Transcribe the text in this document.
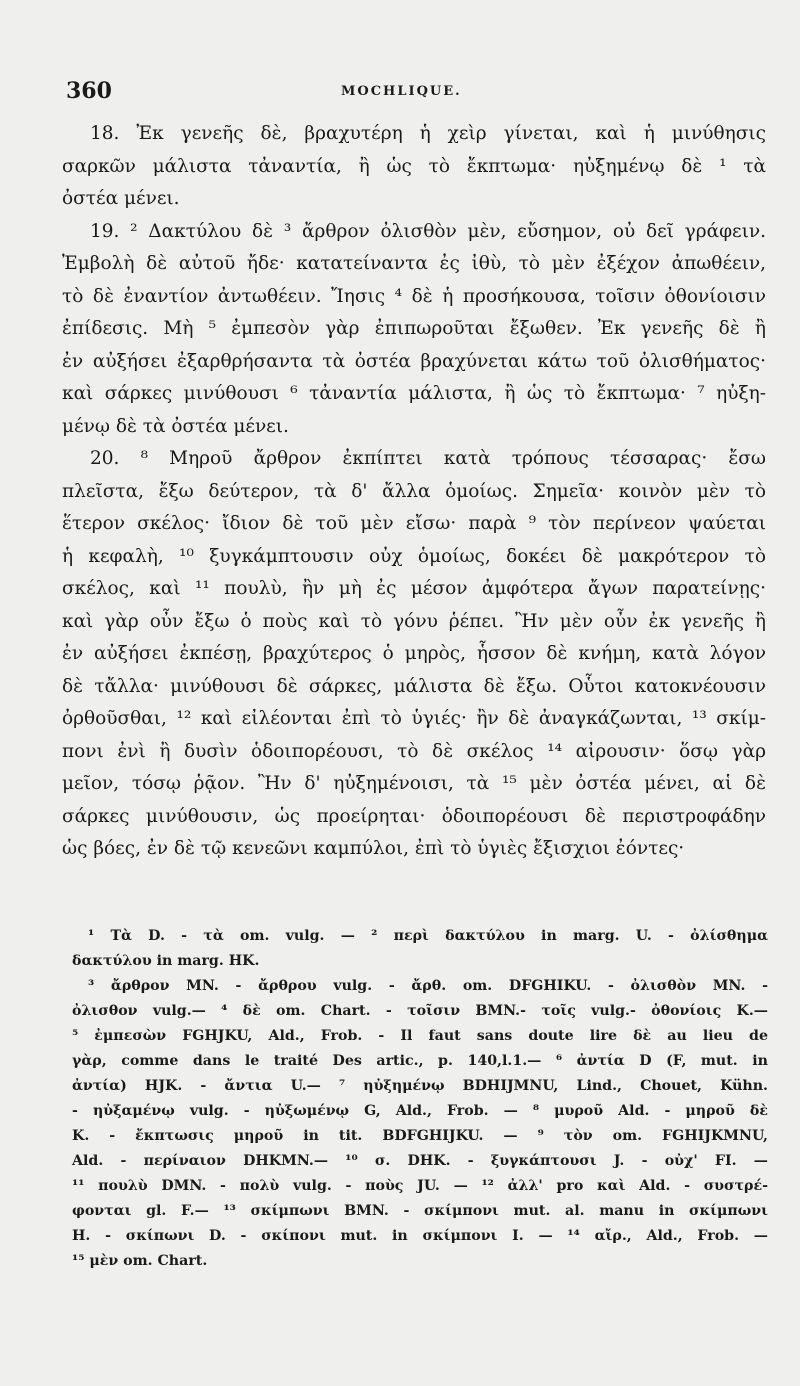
360	MOCHLIQUE.
18. Ἐκ γενεῆς δὲ, βραχυτέρη ἡ χεὶρ γίνεται, καὶ ἡ μινύθησις
σαρκῶν μάλιστα τἀναντία, ἢ ὡς τὸ ἔκπτωμα· ηὐξημένῳ δὲ ¹ τὰ
ὀστέα μένει.
19. ² Δακτύλου δὲ ³ ἄρθρον ὀλισθὸν μὲν, εὔσημον, οὐ δεῖ γράφειν.
Ἐμβολὴ δὲ αὐτοῦ ἤδε· κατατείναντα ἐς ἰθὺ, τὸ μὲν ἐξέχον ἀπωθέειν,
τὸ δὲ ἐναντίον ἀντωθέειν. Ἴησις ⁴ δὲ ἡ προσήκουσα, τοῖσιν ὀθονίοισιν
ἐπίδεσις. Μὴ ⁵ ἐμπεσὸν γὰρ ἐπιπωροῦται ἔξωθεν. Ἐκ γενεῆς δὲ ἢ
ἐν αὐξήσει ἐξαρθρήσαντα τὰ ὀστέα βραχύνεται κάτω τοῦ ὀλισθήματος·
καὶ σάρκες μινύθουσι ⁶ τἀναντία μάλιστα, ἢ ὡς τὸ ἔκπτωμα· ⁷ ηὐξη-
μένῳ δὲ τὰ ὀστέα μένει.
20. ⁸ Μηροῦ ἄρθρον ἐκπίπτει κατὰ τρόπους τέσσαρας· ἔσω
πλεῖστα, ἔξω δεύτερον, τὰ δ' ἄλλα ὁμοίως. Σημεῖα· κοινὸν μὲν τὸ
ἕτερον σκέλος· ἴδιον δὲ τοῦ μὲν εἴσω· παρὰ ⁹ τὸν περίνεον ψαύεται
ἡ κεφαλὴ, ¹⁰ ξυγκάμπτουσιν οὐχ ὁμοίως, δοκέει δὲ μακρότερον τὸ
σκέλος, καὶ ¹¹ πουλὺ, ἢν μὴ ἐς μέσον ἀμφότερα ἄγων παρατείνῃς·
καὶ γὰρ οὖν ἔξω ὁ ποὺς καὶ τὸ γόνυ ῥέπει. Ἢν μὲν οὖν ἐκ γενεῆς ἢ
ἐν αὐξήσει ἐκπέσῃ, βραχύτερος ὁ μηρὸς, ἧσσον δὲ κνήμη, κατὰ λόγον
δὲ τἄλλα· μινύθουσι δὲ σάρκες, μάλιστα δὲ ἔξω. Οὗτοι κατοκνέουσιν
ὀρθοῦσθαι, ¹² καὶ εἰλέονται ἐπὶ τὸ ὑγιές· ἢν δὲ ἀναγκάζωνται, ¹³ σκίμ-
πονι ἐνὶ ἢ δυσὶν ὁδοιπορέουσι, τὸ δὲ σκέλος ¹⁴ αἰρουσιν· ὅσῳ γὰρ
μεῖον, τόσῳ ῥᾷον. Ἢν δ' ηὐξημένοισι, τὰ ¹⁵ μὲν ὀστέα μένει, αἱ δὲ
σάρκες μινύθουσιν, ὡς προείρηται· ὁδοιπορέουσι δὲ περιστροφάδην
ὡς βόες, ἐν δὲ τῷ κενεῶνι καμπύλοι, ἐπὶ τὸ ὑγιὲς ἔξισχιοι ἐόντες·
¹ Τὰ D. - τὰ om. vulg. — ² περὶ δακτύλου in marg. U. - ὀλίσθημα
δακτύλου in marg. HK.
³ ἄρθρον MN. - ἄρθρου vulg. - ἄρθ. om. DFGHIKU. - ὀλισθὸν MN. -
ὀλισθον vulg.— ⁴ δὲ om. Chart. - τοῖσιν BMN.- τοῖς vulg.- ὀθονίοις K.—
⁵ ἐμπεσὼν FGHJKU, Ald., Frob. - Il faut sans doute lire δὲ au lieu de
γὰρ, comme dans le traité Des artic., p. 140,l.1.— ⁶ ἀντία D (F, mut. in
ἀντία) HJK. - ἄντια U.— ⁷ ηὐξημένῳ BDHIJMNU, Lind., Chouet, Kühn.
- ηὐξαμένῳ vulg. - ηὐξωμένῳ G, Ald., Frob. — ⁸ μυροῦ Ald. - μηροῦ δὲ
K. - ἔκπτωσις μηροῦ in tit. BDFGHIJKU. — ⁹ τὸν om. FGHIJKMNU,
Ald. - περίναιον DHKMN.— ¹⁰ σ. DHK. - ξυγκάπτουσι J. - οὐχ' FI. —
¹¹ πουλὺ DMN. - πολὺ vulg. - ποὺς JU. — ¹² ἀλλ' pro καὶ Ald. - συστρέ-
φονται gl. F.— ¹³ σκίμπωνι BMN. - σκίμπονι mut. al. manu in σκίμπωνι
H. - σκίπωνι D. - σκίπονι mut. in σκίμπονι I. — ¹⁴ αἴρ., Ald., Frob. —
¹⁵ μὲν om. Chart.
